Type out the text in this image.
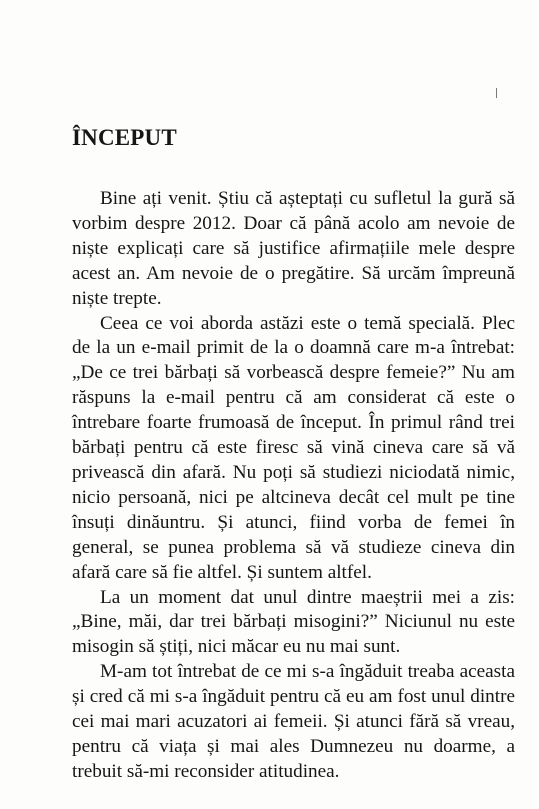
ÎNCEPUT

Bine ați venit. Știu că așteptați cu sufletul la gură să vorbim despre 2012. Doar că până acolo am nevoie de niște explicați care să justifice afirmațiile mele despre acest an. Am nevoie de o pregătire. Să urcăm împreună niște trepte.

Ceea ce voi aborda astăzi este o temă specială. Plec de la un e-mail primit de la o doamnă care m-a întrebat: „De ce trei bărbați să vorbească despre femeie?” Nu am răspuns la e-mail pentru că am considerat că este o întrebare foarte frumoasă de început. În primul rând trei bărbați pentru că este firesc să vină cineva care să vă privească din afară. Nu poți să studiezi niciodată nimic, nicio persoană, nici pe altcineva decât cel mult pe tine însuți dinăuntru. Și atunci, fiind vorba de femei în general, se punea problema să vă studieze cineva din afară care să fie altfel. Și suntem altfel.

La un moment dat unul dintre maeștrii mei a zis: „Bine, măi, dar trei bărbați misogini?” Niciunul nu este misogin să știți, nici măcar eu nu mai sunt.

M-am tot întrebat de ce mi s-a îngăduit treaba aceasta și cred că mi s-a îngăduit pentru că eu am fost unul dintre cei mai mari acuzatori ai femeii. Și atunci fără să vreau, pentru că viața și mai ales Dumnezeu nu doarme, a trebuit să-mi reconsider atitudinea.
